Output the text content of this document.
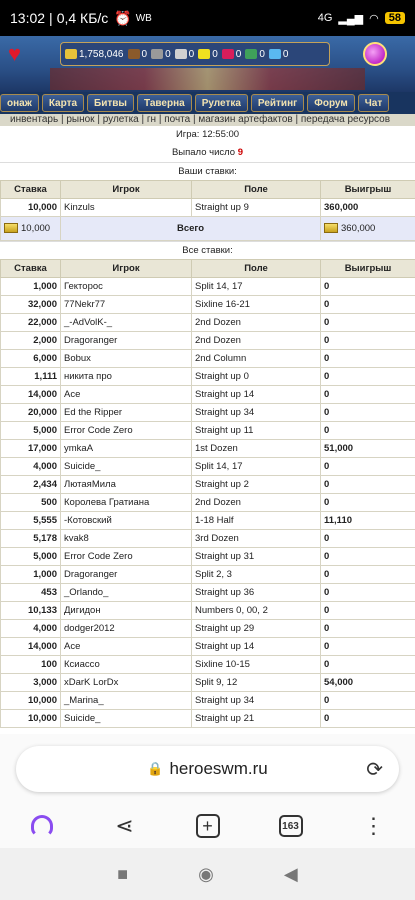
13:02 | 0,4 КБ/с ⏰ WB	4G ▂▄▆ ◠ 58
♥	1,758,046 0 0 0 0 0 0 0
онаж	Карта	Битвы	Таверна	Рулетка	Рейтинг	Форум	Чат
инвентарь | рынок | рулетка | гн | почта | магазин артефактов | передача ресурсов
Игра: 12:55:00
Выпало число 9
Ваши ставки:
Ставка	Игрок	Поле	Выигрыш
10,000	Kinzuls	Straight up 9	360,000
10,000	Всего		360,000
Все ставки:
Ставка	Игрок	Поле	Выигрыш
1,000	Гекторос	Split 14, 17	0
32,000	77Nekr77	Sixline 16-21	0
22,000	_-AdVolK-_	2nd Dozen	0
2,000	Dragoranger	2nd Dozen	0
6,000	Bobux	2nd Column	0
1,111	никита про	Straight up 0	0
14,000	Ace	Straight up 14	0
20,000	Ed the Ripper	Straight up 34	0
5,000	Error Code Zero	Straight up 11	0
17,000	ymkaA	1st Dozen	51,000
4,000	Suicide_	Split 14, 17	0
2,434	ЛютаяМила	Straight up 2	0
500	Королева Гратиана	2nd Dozen	0
5,555	-Котовский	1-18 Half	11,110
5,178	kvak8	3rd Dozen	0
5,000	Error Code Zero	Straight up 31	0
1,000	Dragoranger	Split 2, 3	0
453	_Orlando_	Straight up 36	0
10,133	Дигидон	Numbers 0, 00, 2	0
4,000	dodger2012	Straight up 29	0
14,000	Ace	Straight up 14	0
100	Ксиассо	Sixline 10-15	0
3,000	xDarK LorDx	Split 9, 12	54,000
10,000	_Marina_	Straight up 34	0
10,000	Suicide_	Straight up 21	0
🔒 heroeswm.ru	⟳
⋖	+	163	⋮
■	◉	◀
